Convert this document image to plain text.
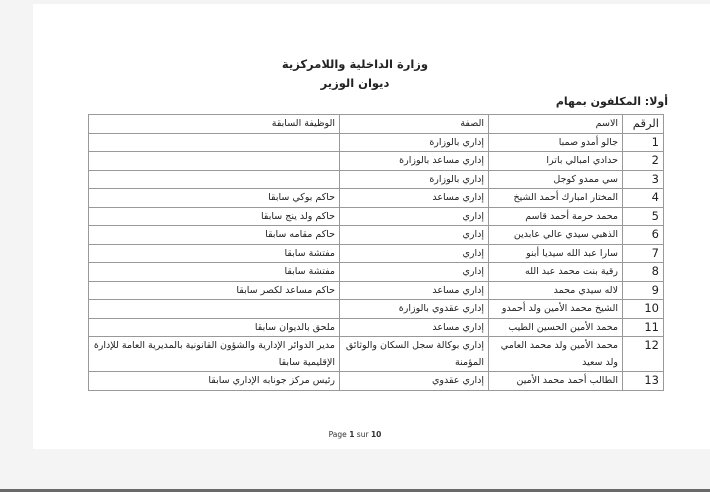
وزارة الداخلية واللامركزية
ديوان الوزير
أولا: المكلفون بمهام
الرقم	الاسم	الصفة	الوظيفة السابقة
1	جالو أمدو صمبا	إداري بالوزارة	
2	حدادي امبالي باترا	إداري مساعد بالوزارة	
3	سي ممدو كوجل	إداري بالوزارة	
4	المختار امبارك أحمد الشيخ	إداري مساعد	حاكم بوكي سابقا
5	محمد حرمة أحمد قاسم	إداري	حاكم ولد ينج سابقا
6	الذهبي سيدي عالي عابدين	إداري	حاكم مقامه سابقا
7	سارا عبد الله سيديا أبنو	إداري	مفتشة سابقا
8	رقية بنت محمد عبد الله	إداري	مفتشة سابقا
9	لاله سيدي محمد	إداري مساعد	حاكم مساعد لكصر سابقا
10	الشيخ محمد الأمين ولد أحمدو	إداري عقدوي بالوزارة	
11	محمد الأمين الحسين الطيب	إداري مساعد	ملحق بالديوان سابقا
12	محمد الأمين ولد محمد العامي ولد سعيد	إداري بوكالة سجل السكان والوثائق المؤمنة	مدير الدوائر الإدارية والشؤون القانونية بالمديرية العامة للإدارة الإقليمية سابقا
13	الطالب أحمد محمد الأمين	إداري عقدوي	رئيس مركز جونابه الإداري سابقا
Page 1 sur 10
